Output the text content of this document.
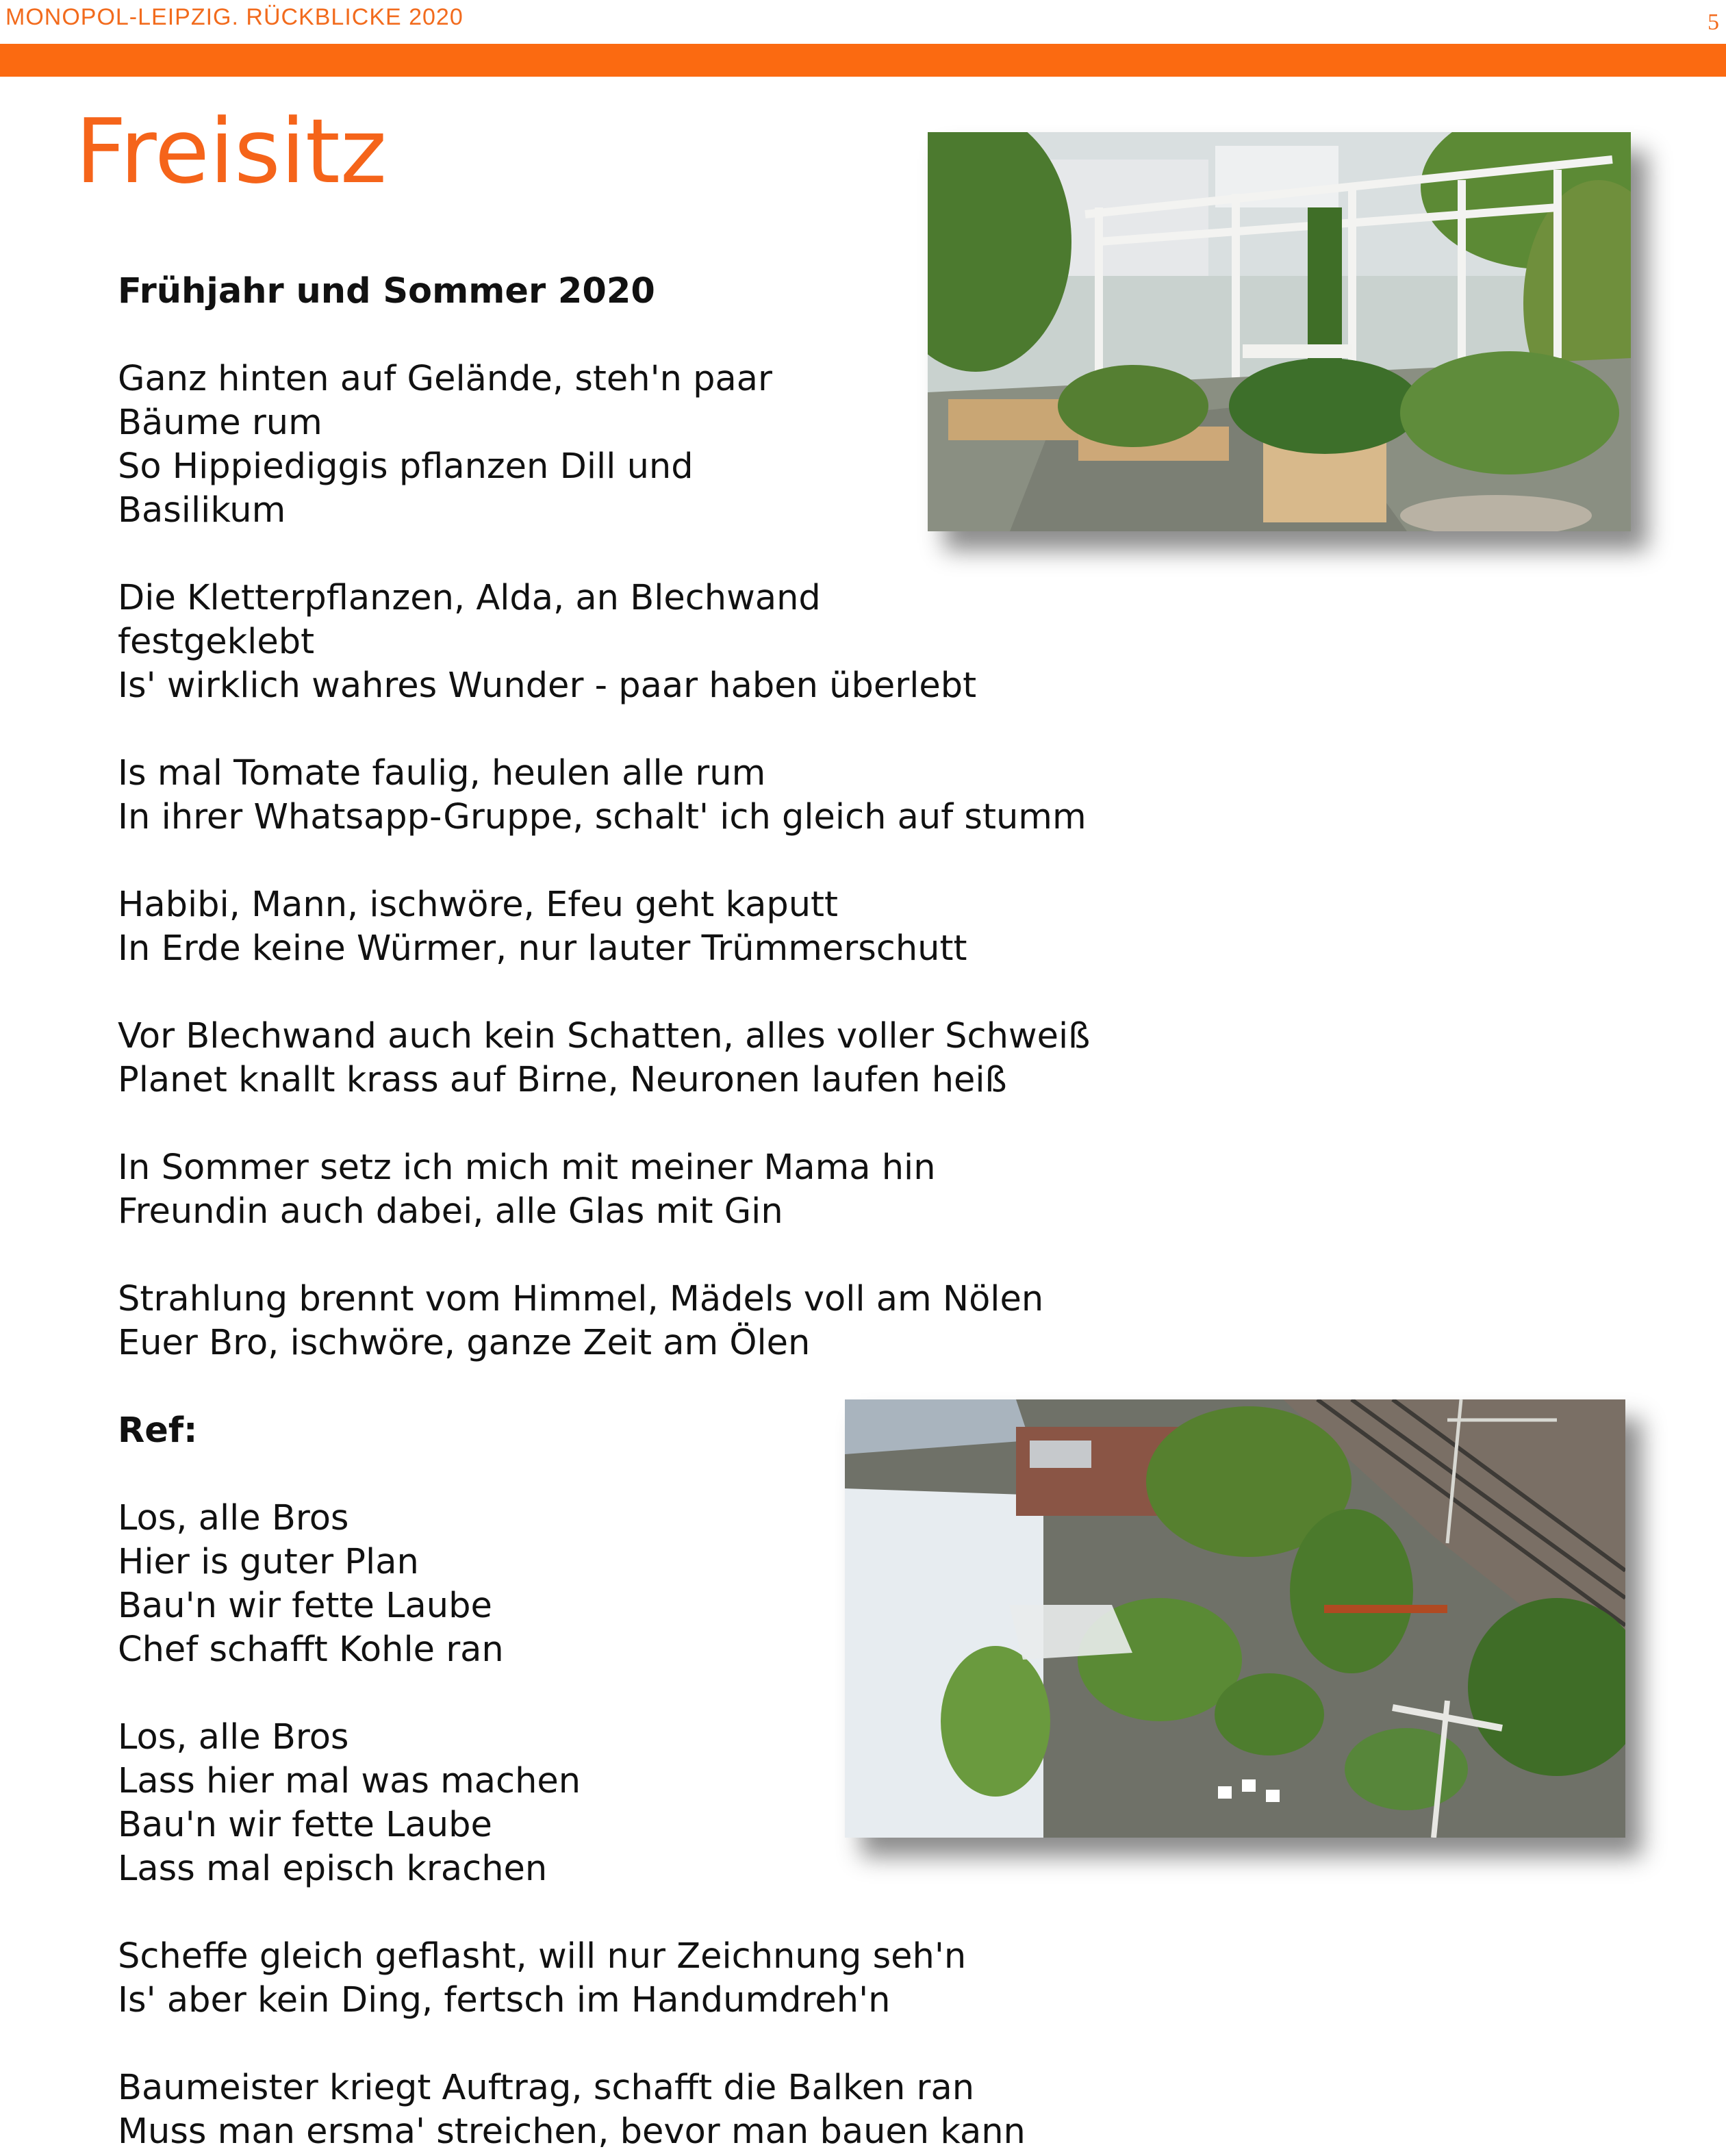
MONOPOL-LEIPZIG. RÜCKBLICKE 2020	5
Freisitz
Frühjahr und Sommer 2020
Ganz hinten auf Gelände, steh'n paar
Bäume rum
So Hippiediggis pflanzen Dill und
Basilikum
Die Kletterpflanzen, Alda, an Blechwand
festgeklebt
Is' wirklich wahres Wunder - paar haben überlebt
Is mal Tomate faulig, heulen alle rum
In ihrer Whatsapp-Gruppe, schalt' ich gleich auf stumm
Habibi, Mann, ischwöre, Efeu geht kaputt
In Erde keine Würmer, nur lauter Trümmerschutt
Vor Blechwand auch kein Schatten, alles voller Schweiß
Planet knallt krass auf Birne, Neuronen laufen heiß
In Sommer setz ich mich mit meiner Mama hin
Freundin auch dabei, alle Glas mit Gin
Strahlung brennt vom Himmel, Mädels voll am Nölen
Euer Bro, ischwöre, ganze Zeit am Ölen
Ref:
Los, alle Bros
Hier is guter Plan
Bau'n wir fette Laube
Chef schafft Kohle ran
Los, alle Bros
Lass hier mal was machen
Bau'n wir fette Laube
Lass mal episch krachen
Scheffe gleich geflasht, will nur Zeichnung seh'n
Is' aber kein Ding, fertsch im Handumdreh'n
Baumeister kriegt Auftrag, schafft die Balken ran
Muss man ersma' streichen, bevor man bauen kann
